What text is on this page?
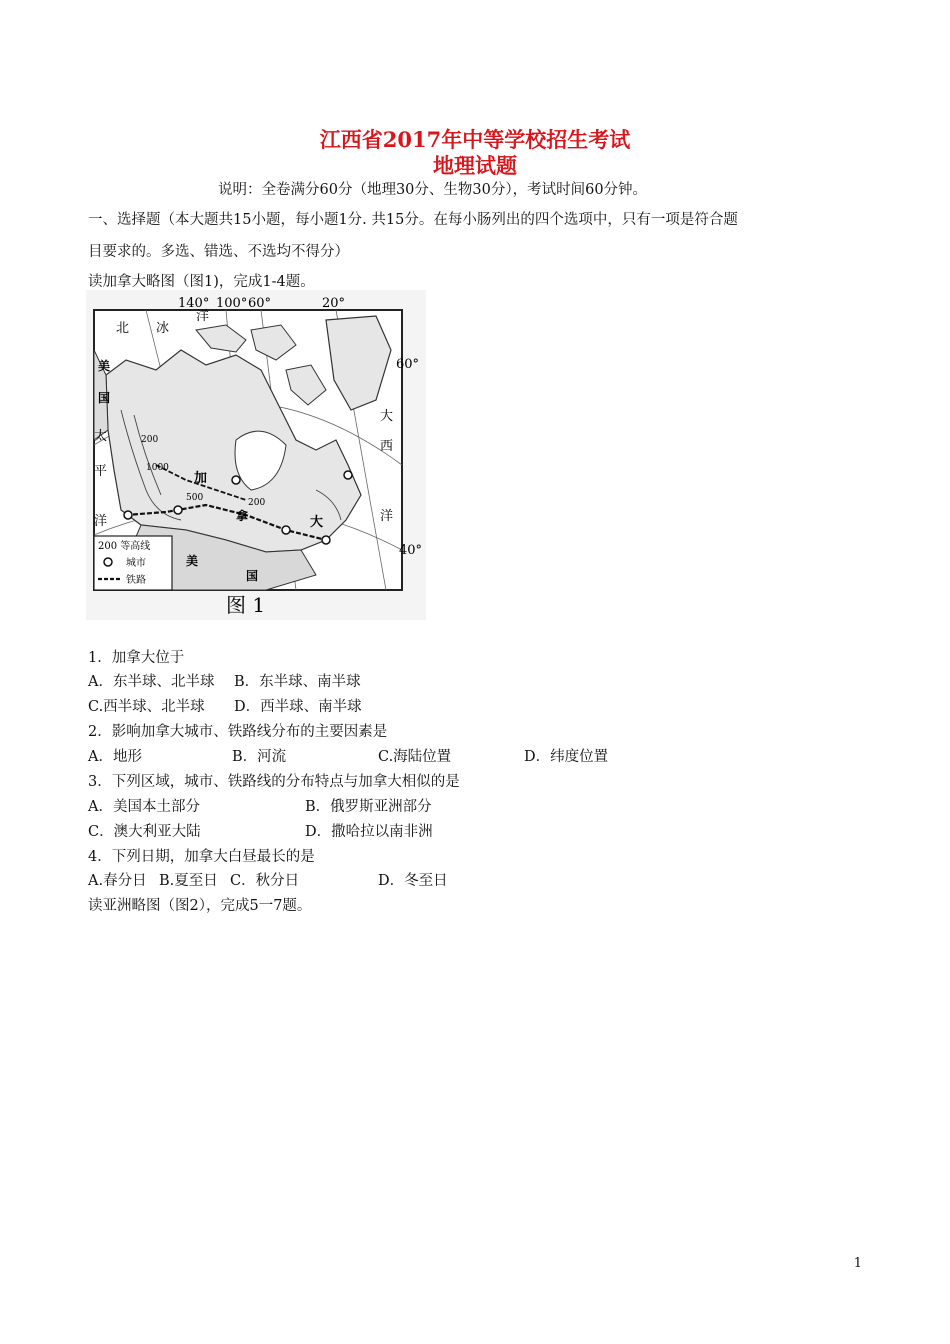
江西省2017年中等学校招生考试
地理试题
说明：全卷满分60分（地理30分、生物30分），考试时间60分钟。
一、选择题（本大题共15小题，每小题1分. 共15分。在每小肠列出的四个选项中，只有一项是符合题
目要求的。多选、错选、不选均不得分）
读加拿大略图（图1)，完成1-4题。
140° 100° 60°	20°
60°
40°
北 冰
洋
美
国
太
平
洋
加
拿	大
大
西
洋
美
国
200
500
1000
200
200 等高线
城市
铁路
图 1
1．加拿大位于
A．东半球、北半球 B．东半球、南半球
C.西半球、北半球 D．西半球、南半球
2．影响加拿大城市、铁路线分布的主要因素是
A．地形	B．河流	C.海陆位置	D．纬度位置
3．下列区域，城市、铁路线的分布特点与加拿大相似的是
A．美国本土部分	B．俄罗斯亚洲部分
C．澳大利亚大陆	D．撒哈拉以南非洲
4．下列日期，加拿大白昼最长的是
A.春分日 B.夏至日 C．秋分日	D．冬至日
读亚洲略图（图2），完成5一7题。
1
